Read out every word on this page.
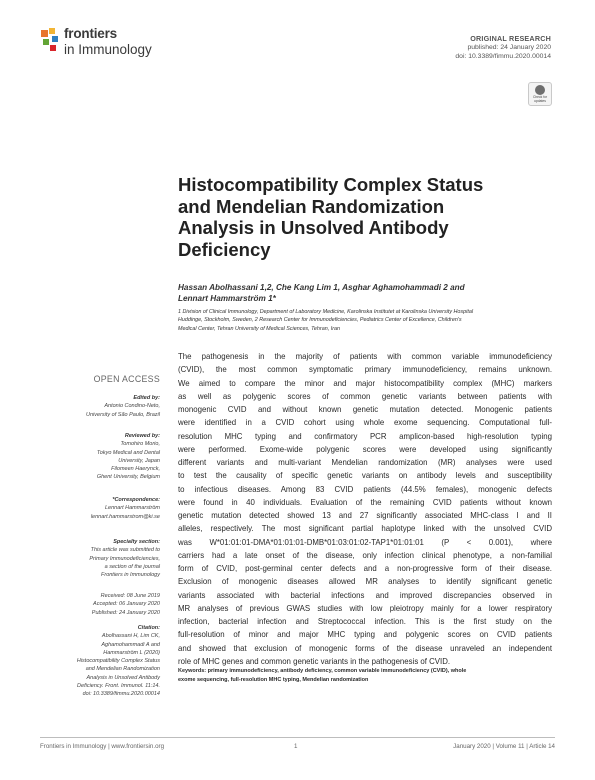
frontiers
in Immunology
ORIGINAL RESEARCH
published: 24 January 2020
doi: 10.3389/fimmu.2020.00014
Check for updates
Histocompatibility Complex Status
and Mendelian Randomization
Analysis in Unsolved Antibody
Deficiency
Hassan Abolhassani 1,2, Che Kang Lim 1, Asghar Aghamohammadi 2 and
Lennart Hammarström 1*
1 Division of Clinical Immunology, Department of Laboratory Medicine, Karolinska Institutet at Karolinska University Hospital
Huddinge, Stockholm, Sweden, 2 Research Center for Immunodeficiencies, Pediatrics Center of Excellence, Children's
Medical Center, Tehran University of Medical Sciences, Tehran, Iran
The pathogenesis in the majority of patients with common variable immunodeficiency
(CVID), the most common symptomatic primary immunodeficiency, remains unknown.
We aimed to compare the minor and major histocompatibility complex (MHC) markers
as well as polygenic scores of common genetic variants between patients with
monogenic CVID and without known genetic mutation detected. Monogenic patients
were identified in a CVID cohort using whole exome sequencing. Computational full-
resolution MHC typing and confirmatory PCR amplicon-based high-resolution typing
were performed. Exome-wide polygenic scores were developed using significantly
different variants and multi-variant Mendelian randomization (MR) analyses were used
to test the causality of specific genetic variants on antibody levels and susceptibility
to infectious diseases. Among 83 CVID patients (44.5% females), monogenic defects
were found in 40 individuals. Evaluation of the remaining CVID patients without known
genetic mutation detected showed 13 and 27 significantly associated MHC-class I and II
alleles, respectively. The most significant partial haplotype linked with the unsolved CVID
was W*01:01:01-DMA*01:01:01-DMB*01:03:01:02-TAP1*01:01:01 (P < 0.001), where
carriers had a late onset of the disease, only infection clinical phenotype, a non-familial
form of CVID, post-germinal center defects and a non-progressive form of their disease.
Exclusion of monogenic diseases allowed MR analyses to identify significant genetic
variants associated with bacterial infections and improved discrepancies observed in
MR analyses of previous GWAS studies with low pleiotropy mainly for a lower respiratory
infection, bacterial infection and Streptococcal infection. This is the first study on the
full-resolution of minor and major MHC typing and polygenic scores on CVID patients
and showed that exclusion of monogenic forms of the disease unraveled an independent
role of MHC genes and common genetic variants in the pathogenesis of CVID.
Keywords: primary immunodeficiency, antibody deficiency, common variable immunodeficiency (CVID), whole
exome sequencing, full-resolution MHC typing, Mendelian randomization
OPEN ACCESS
Edited by:
Antonio Condino-Neto,
University of São Paulo, Brazil
Reviewed by:
Tomohiro Morio,
Tokyo Medical and Dental
University, Japan
Filomeen Haerynck,
Ghent University, Belgium
*Correspondence:
Lennart Hammarström
lennart.hammarstrom@ki.se
Specialty section:
This article was submitted to
Primary Immunodeficiencies,
a section of the journal
Frontiers in Immunology
Received: 08 June 2019
Accepted: 06 January 2020
Published: 24 January 2020
Citation:
Abolhassani H, Lim CK,
Aghamohammadi A and
Hammarström L (2020)
Histocompatibility Complex Status
and Mendelian Randomization
Analysis in Unsolved Antibody
Deficiency. Front. Immunol. 11:14.
doi: 10.3389/fimmu.2020.00014
Frontiers in Immunology | www.frontiersin.org	1	January 2020 | Volume 11 | Article 14
